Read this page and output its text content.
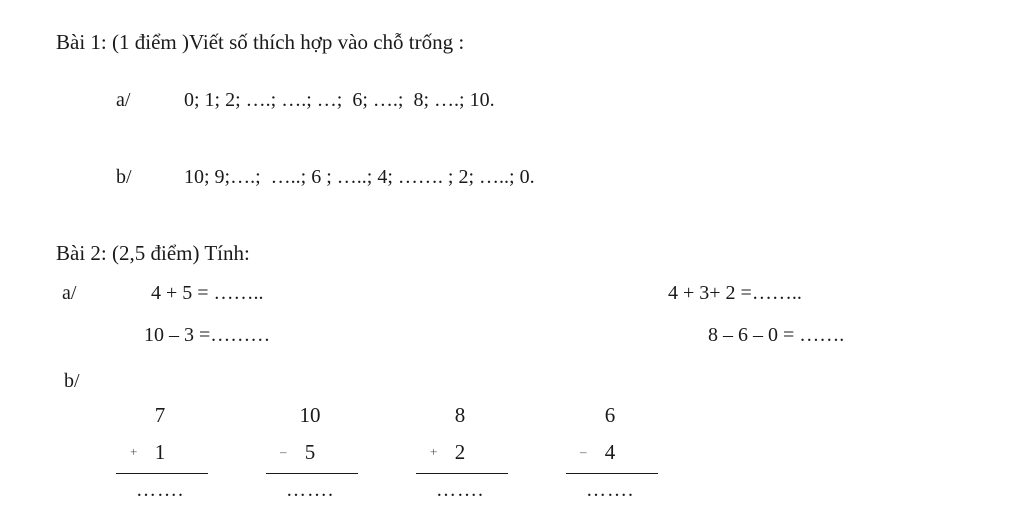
Bài 1: (1 điểm )Viết số thích hợp vào chỗ trống :

a/	0; 1; 2; ….; ….; …;  6; ….;  8; ….; 10.

b/	10; 9;….;  …..; 6 ; …..; 4; ……. ; 2; …..; 0.

Bài 2: (2,5 điểm) Tính:

a/

	4 + 5 = ……..

	4 + 3+ 2 =……..

10 – 3 =………

	8 – 6 – 0 = …….

b/
7
+ 1
…….
10
– 5
…….
8
+ 2
…….
6
– 4
…….
